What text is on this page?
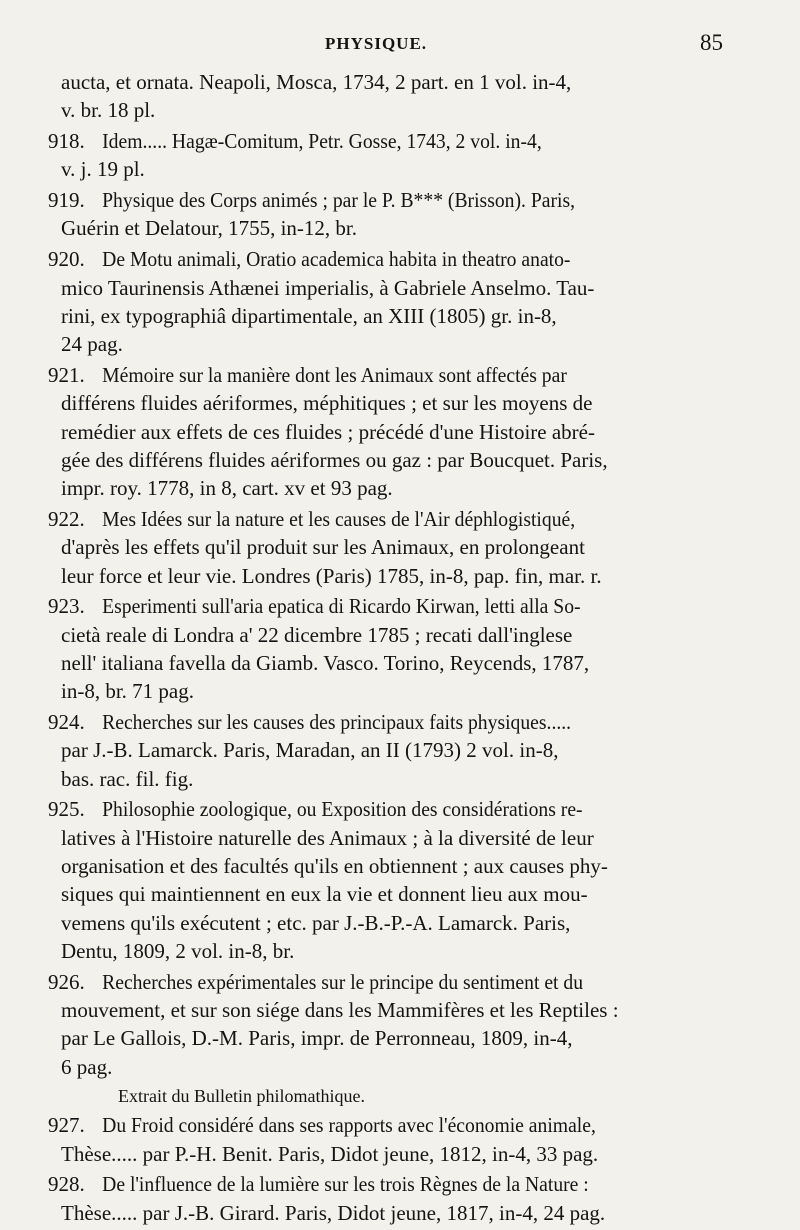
PHYSIQUE.	85
aucta, et ornata. Neapoli, Mosca, 1734, 2 part. en 1 vol. in-4,
v. br. 18 pl.
918. Idem..... Hagæ-Comitum, Petr. Gosse, 1743, 2 vol. in-4,
v. j. 19 pl.
919. Physique des Corps animés ; par le P. B*** (Brisson). Paris,
Guérin et Delatour, 1755, in-12, br.
920. De Motu animali, Oratio academica habita in theatro anato-
mico Taurinensis Athænei imperialis, à Gabriele Anselmo. Tau-
rini, ex typographiâ dipartimentale, an XIII (1805) gr. in-8,
24 pag.
921. Mémoire sur la manière dont les Animaux sont affectés par
différens fluides aériformes, méphitiques ; et sur les moyens de
remédier aux effets de ces fluides ; précédé d'une Histoire abré-
gée des différens fluides aériformes ou gaz : par Boucquet. Paris,
impr. roy. 1778, in 8, cart. xv et 93 pag.
922. Mes Idées sur la nature et les causes de l'Air déphlogistiqué,
d'après les effets qu'il produit sur les Animaux, en prolongeant
leur force et leur vie. Londres (Paris) 1785, in-8, pap. fin, mar. r.
923. Esperimenti sull'aria epatica di Ricardo Kirwan, letti alla So-
cietà reale di Londra a' 22 dicembre 1785 ; recati dall'inglese
nell' italiana favella da Giamb. Vasco. Torino, Reycends, 1787,
in-8, br. 71 pag.
924. Recherches sur les causes des principaux faits physiques.....
par J.-B. Lamarck. Paris, Maradan, an II (1793) 2 vol. in-8,
bas. rac. fil. fig.
925. Philosophie zoologique, ou Exposition des considérations re-
latives à l'Histoire naturelle des Animaux ; à la diversité de leur
organisation et des facultés qu'ils en obtiennent ; aux causes phy-
siques qui maintiennent en eux la vie et donnent lieu aux mou-
vemens qu'ils exécutent ; etc. par J.-B.-P.-A. Lamarck. Paris,
Dentu, 1809, 2 vol. in-8, br.
926. Recherches expérimentales sur le principe du sentiment et du
mouvement, et sur son siége dans les Mammifères et les Reptiles :
par Le Gallois, D.-M. Paris, impr. de Perronneau, 1809, in-4,
6 pag.
Extrait du Bulletin philomathique.
927. Du Froid considéré dans ses rapports avec l'économie animale,
Thèse..... par P.-H. Benit. Paris, Didot jeune, 1812, in-4, 33 pag.
928. De l'influence de la lumière sur les trois Règnes de la Nature :
Thèse..... par J.-B. Girard. Paris, Didot jeune, 1817, in-4, 24 pag.
